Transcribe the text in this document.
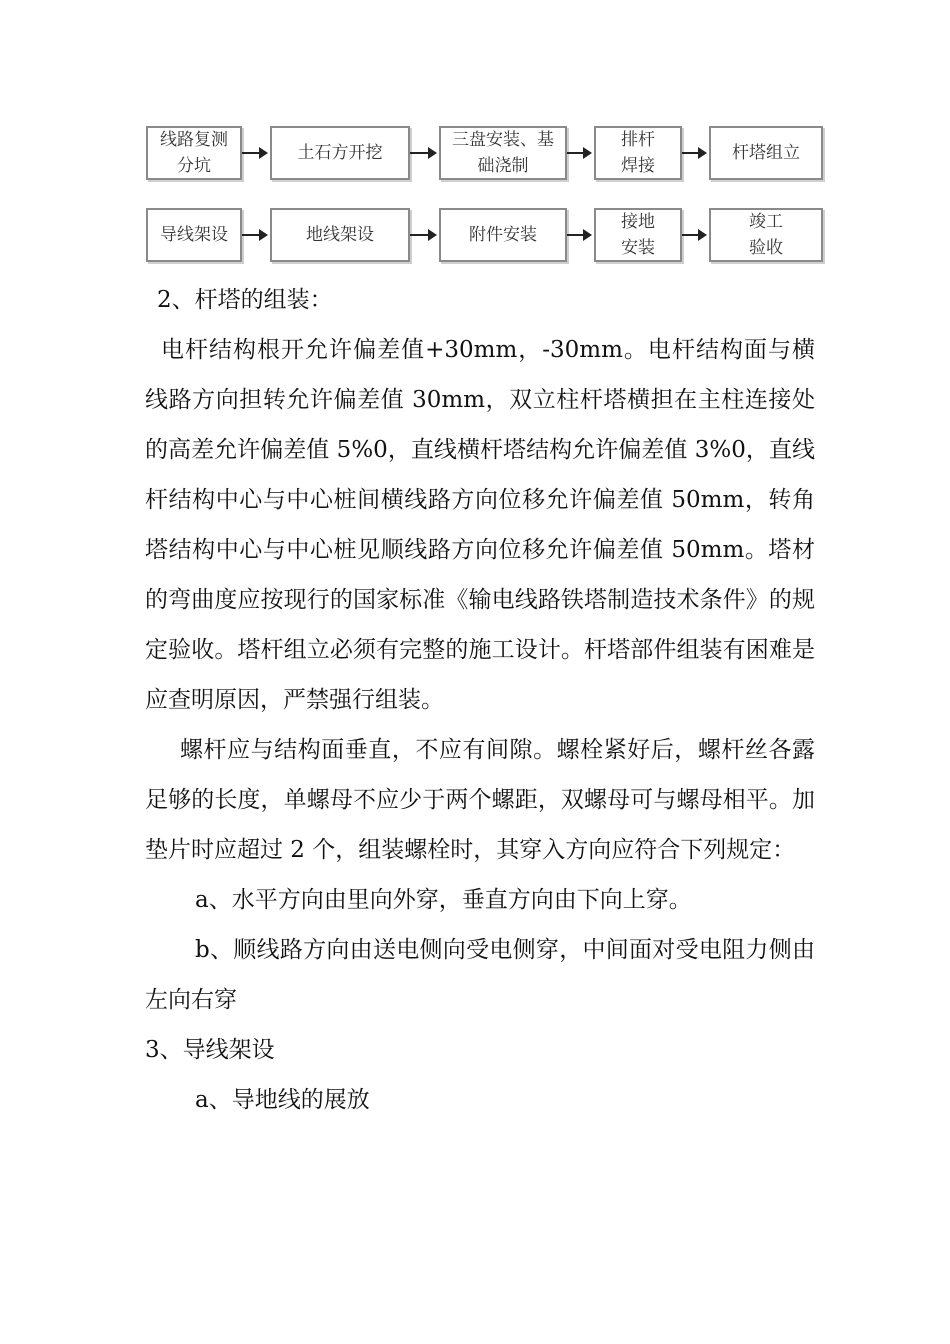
线路复测
分坑
土石方开挖
三盘安装、基
础浇制
排杆
焊接
杆塔组立
导线架设	地线架设	附件安装
接地
安装
竣工
验收

2、杆塔的组装：

电杆结构根开允许偏差值+30mm，-30mm。电杆结构面与横线路方向担转允许偏差值 30mm，双立柱杆塔横担在主柱连接处的高差允许偏差值 5%0，直线横杆塔结构允许偏差值 3%0，直线杆结构中心与中心桩间横线路方向位移允许偏差值 50mm，转角塔结构中心与中心桩见顺线路方向位移允许偏差值 50mm。塔材的弯曲度应按现行的国家标准《输电线路铁塔制造技术条件》的规定验收。塔杆组立必须有完整的施工设计。杆塔部件组装有困难是应查明原因，严禁强行组装。

螺杆应与结构面垂直，不应有间隙。螺栓紧好后，螺杆丝各露足够的长度，单螺母不应少于两个螺距，双螺母可与螺母相平。加垫片时应超过 2 个，组装螺栓时，其穿入方向应符合下列规定：

a、水平方向由里向外穿，垂直方向由下向上穿。

b、顺线路方向由送电侧向受电侧穿，中间面对受电阻力侧由左向右穿

3、导线架设

a、导地线的展放
